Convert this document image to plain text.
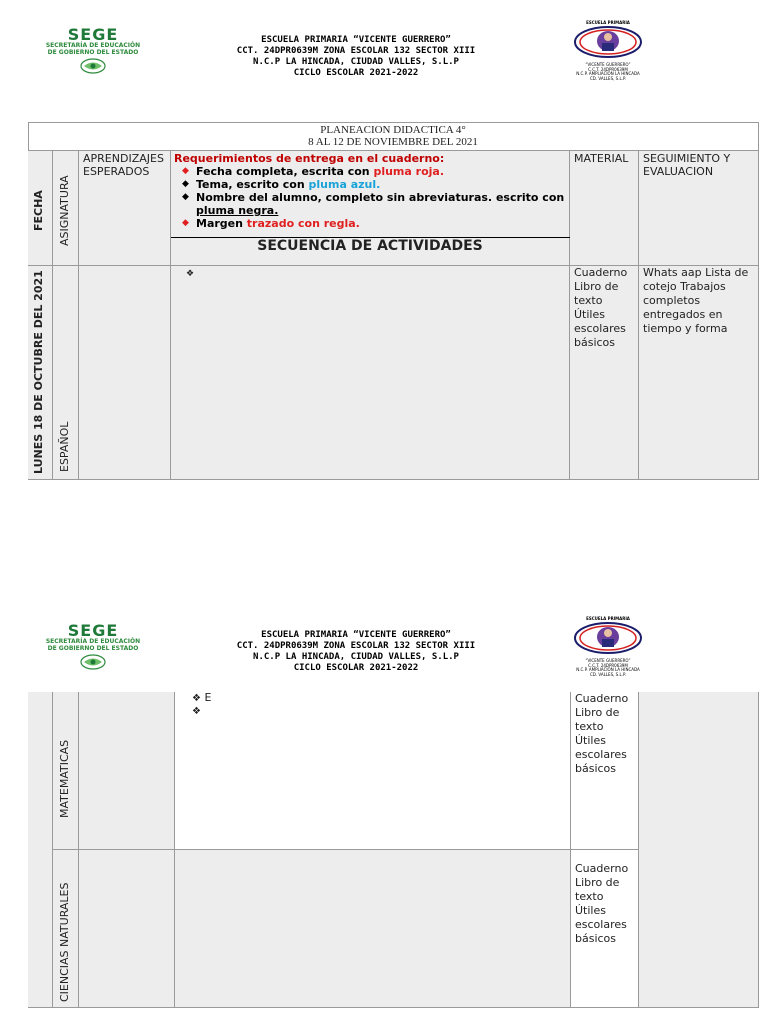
SEGE
SECRETARÍA DE EDUCACIÓN
DE GOBIERNO DEL ESTADO
ESCUELA PRIMARIA “VICENTE GUERRERO”
CCT. 24DPR0639M ZONA ESCOLAR 132 SECTOR XIII
N.C.P LA HINCADA, CIUDAD VALLES, S.L.P
CICLO ESCOLAR 2021-2022
ESCUELA PRIMARIA
“VICENTE GUERRERO”
C.C.T. 24DPR0639M
N.C.P. AMPLIACION LA HINCADA
CD. VALLES, S.L.P.
PLANEACION DIDACTICA 4°
8 AL 12 DE NOVIEMBRE DEL 2021
FECHA ASIGNATURA
APRENDIZAJES ESPERADOS
Requerimientos de entrega en el cuaderno:
◆ Fecha completa, escrita con pluma roja.
◆ Tema, escrito con pluma azul.
◆ Nombre del alumno, completo sin abreviaturas. escrito con pluma negra.
◆ Margen trazado con regla.
SECUENCIA DE ACTIVIDADES
MATERIAL	SEGUIMIENTO Y EVALUACION
LUNES 18 DE OCTUBRE DEL 2021 ESPAÑOL
❖	Cuaderno Libro de texto Útiles escolares básicos
Whats aap Lista de cotejo Trabajos completos entregados en tiempo y forma
SEGE
SECRETARÍA DE EDUCACIÓN
DE GOBIERNO DEL ESTADO
ESCUELA PRIMARIA “VICENTE GUERRERO”
CCT. 24DPR0639M ZONA ESCOLAR 132 SECTOR XIII
N.C.P LA HINCADA, CIUDAD VALLES, S.L.P
CICLO ESCOLAR 2021-2022
ESCUELA PRIMARIA
“VICENTE GUERRERO”
C.C.T. 24DPR0639M
N.C.P. AMPLIACION LA HINCADA
CD. VALLES, S.L.P.
MATEMATICAS
❖ E
❖
Cuaderno Libro de texto Útiles escolares básicos
CIENCIAS NATURALES
Cuaderno Libro de texto Útiles escolares básicos
